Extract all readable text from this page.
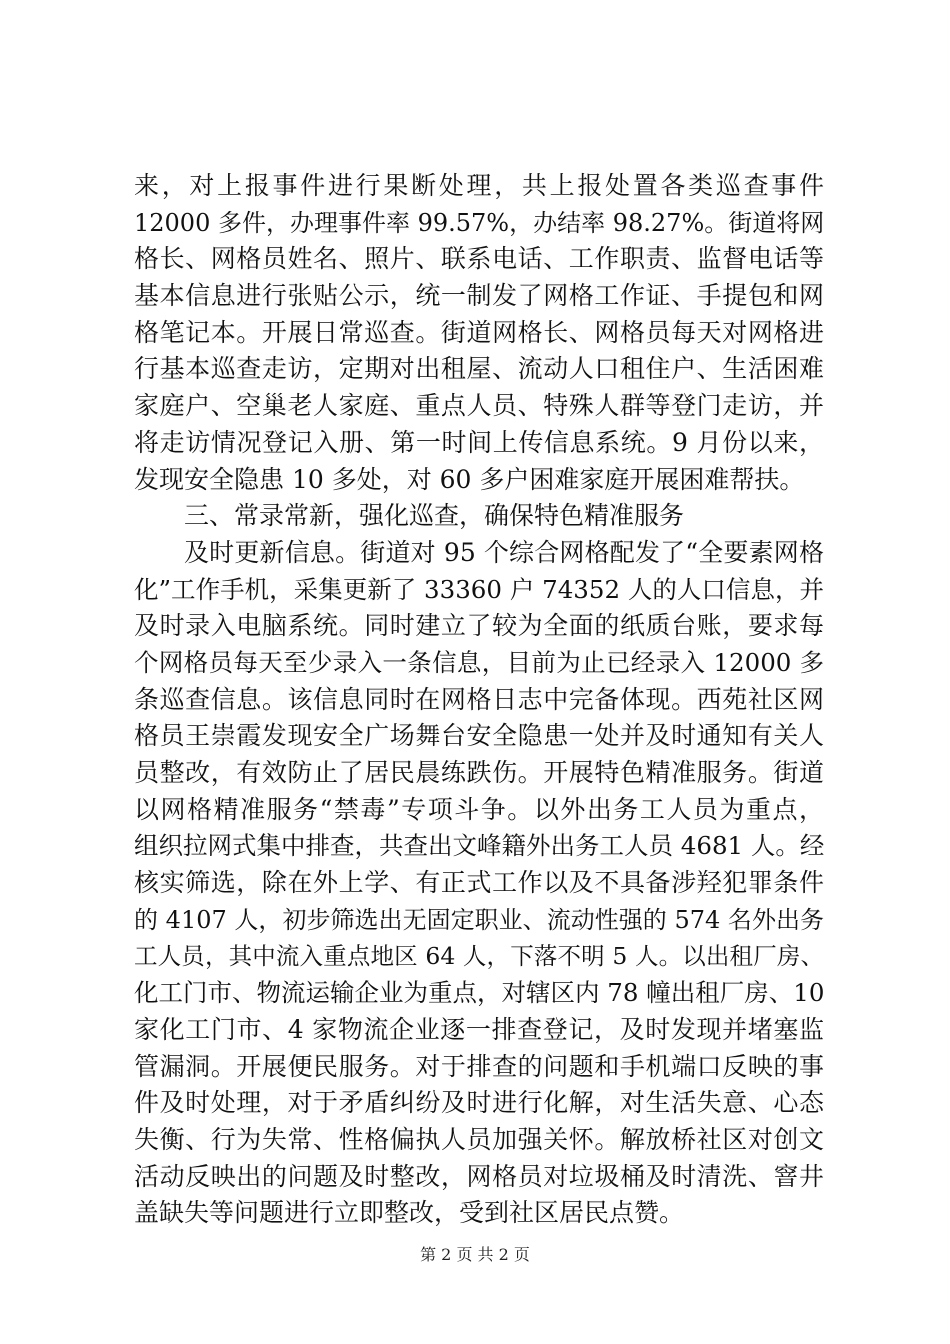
来，对上报事件进行果断处理，共上报处置各类巡查事件
12000 多件，办理事件率 99.57%，办结率 98.27%。街道将网
格长、网格员姓名、照片、联系电话、工作职责、监督电话等
基本信息进行张贴公示，统一制发了网格工作证、手提包和网
格笔记本。开展日常巡查。街道网格长、网格员每天对网格进
行基本巡查走访，定期对出租屋、流动人口租住户、生活困难
家庭户、空巢老人家庭、重点人员、特殊人群等登门走访，并
将走访情况登记入册、第一时间上传信息系统。9 月份以来，
发现安全隐患 10 多处，对 60 多户困难家庭开展困难帮扶。
三、常录常新，强化巡查，确保特色精准服务
及时更新信息。街道对 95 个综合网格配发了“全要素网格
化”工作手机，采集更新了 33360 户 74352 人的人口信息，并
及时录入电脑系统。同时建立了较为全面的纸质台账，要求每
个网格员每天至少录入一条信息，目前为止已经录入 12000 多
条巡查信息。该信息同时在网格日志中完备体现。西苑社区网
格员王崇霞发现安全广场舞台安全隐患一处并及时通知有关人
员整改，有效防止了居民晨练跌伤。开展特色精准服务。街道
以网格精准服务“禁毒”专项斗争。以外出务工人员为重点，
组织拉网式集中排查，共查出文峰籍外出务工人员 4681 人。经
核实筛选，除在外上学、有正式工作以及不具备涉羟犯罪条件
的 4107 人，初步筛选出无固定职业、流动性强的 574 名外出务
工人员，其中流入重点地区 64 人，下落不明 5 人。以出租厂房、
化工门市、物流运输企业为重点，对辖区内 78 幢出租厂房、10
家化工门市、4 家物流企业逐一排查登记，及时发现并堵塞监
管漏洞。开展便民服务。对于排查的问题和手机端口反映的事
件及时处理，对于矛盾纠纷及时进行化解，对生活失意、心态
失衡、行为失常、性格偏执人员加强关怀。解放桥社区对创文
活动反映出的问题及时整改，网格员对垃圾桶及时清洗、窨井
盖缺失等问题进行立即整改，受到社区居民点赞。
第 2 页 共 2 页
